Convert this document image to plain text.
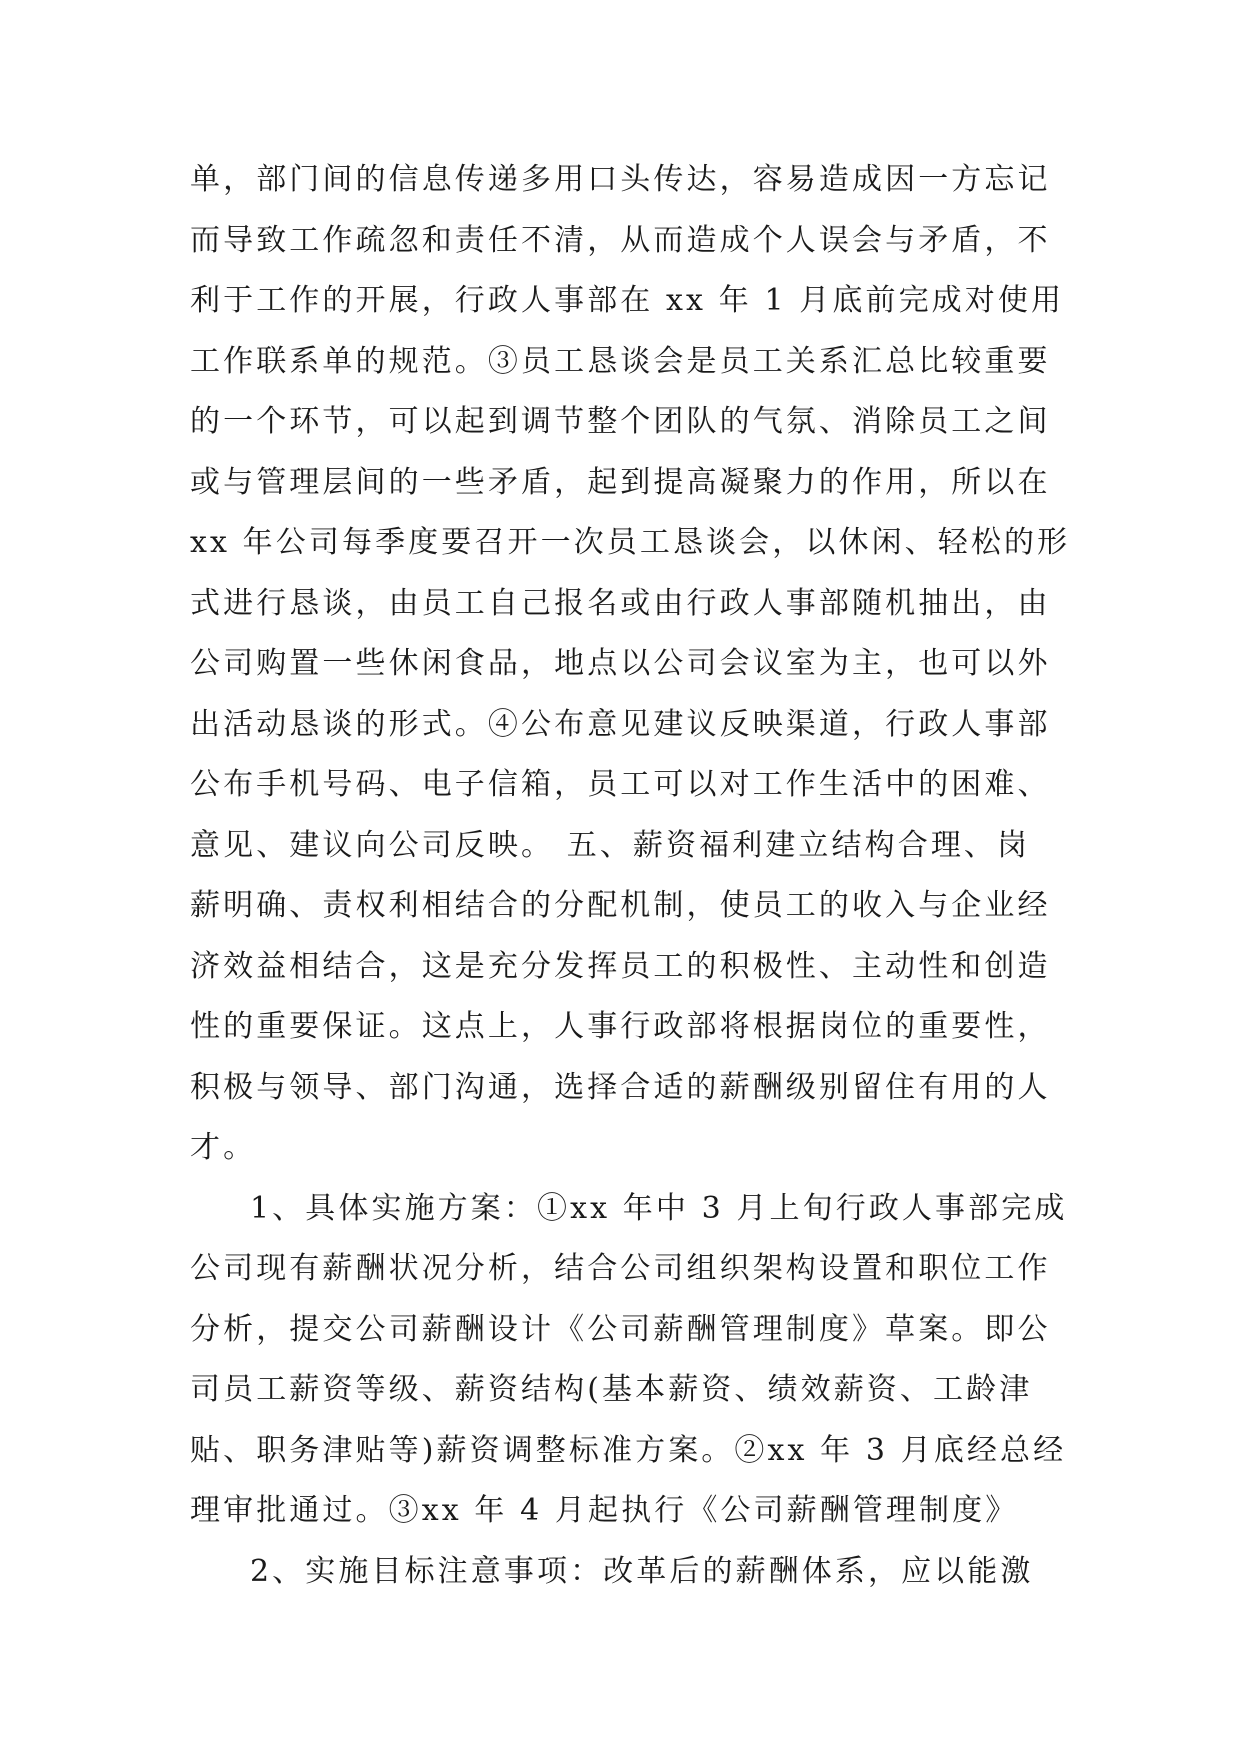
单，部门间的信息传递多用口头传达，容易造成因一方忘记
而导致工作疏忽和责任不清，从而造成个人误会与矛盾，不
利于工作的开展，行政人事部在 xx 年 1 月底前完成对使用
工作联系单的规范。③员工恳谈会是员工关系汇总比较重要
的一个环节，可以起到调节整个团队的气氛、消除员工之间
或与管理层间的一些矛盾，起到提高凝聚力的作用，所以在
xx 年公司每季度要召开一次员工恳谈会，以休闲、轻松的形
式进行恳谈，由员工自己报名或由行政人事部随机抽出，由
公司购置一些休闲食品，地点以公司会议室为主，也可以外
出活动恳谈的形式。④公布意见建议反映渠道，行政人事部
公布手机号码、电子信箱，员工可以对工作生活中的困难、
意见、建议向公司反映。 五、薪资福利建立结构合理、岗
薪明确、责权利相结合的分配机制，使员工的收入与企业经
济效益相结合，这是充分发挥员工的积极性、主动性和创造
性的重要保证。这点上，人事行政部将根据岗位的重要性，
积极与领导、部门沟通，选择合适的薪酬级别留住有用的人
才。
1、具体实施方案：①xx 年中 3 月上旬行政人事部完成
公司现有薪酬状况分析，结合公司组织架构设置和职位工作
分析，提交公司薪酬设计《公司薪酬管理制度》草案。即公
司员工薪资等级、薪资结构(基本薪资、绩效薪资、工龄津
贴、职务津贴等)薪资调整标准方案。②xx 年 3 月底经总经
理审批通过。③xx 年 4 月起执行《公司薪酬管理制度》
2、实施目标注意事项：改革后的薪酬体系，应以能激
